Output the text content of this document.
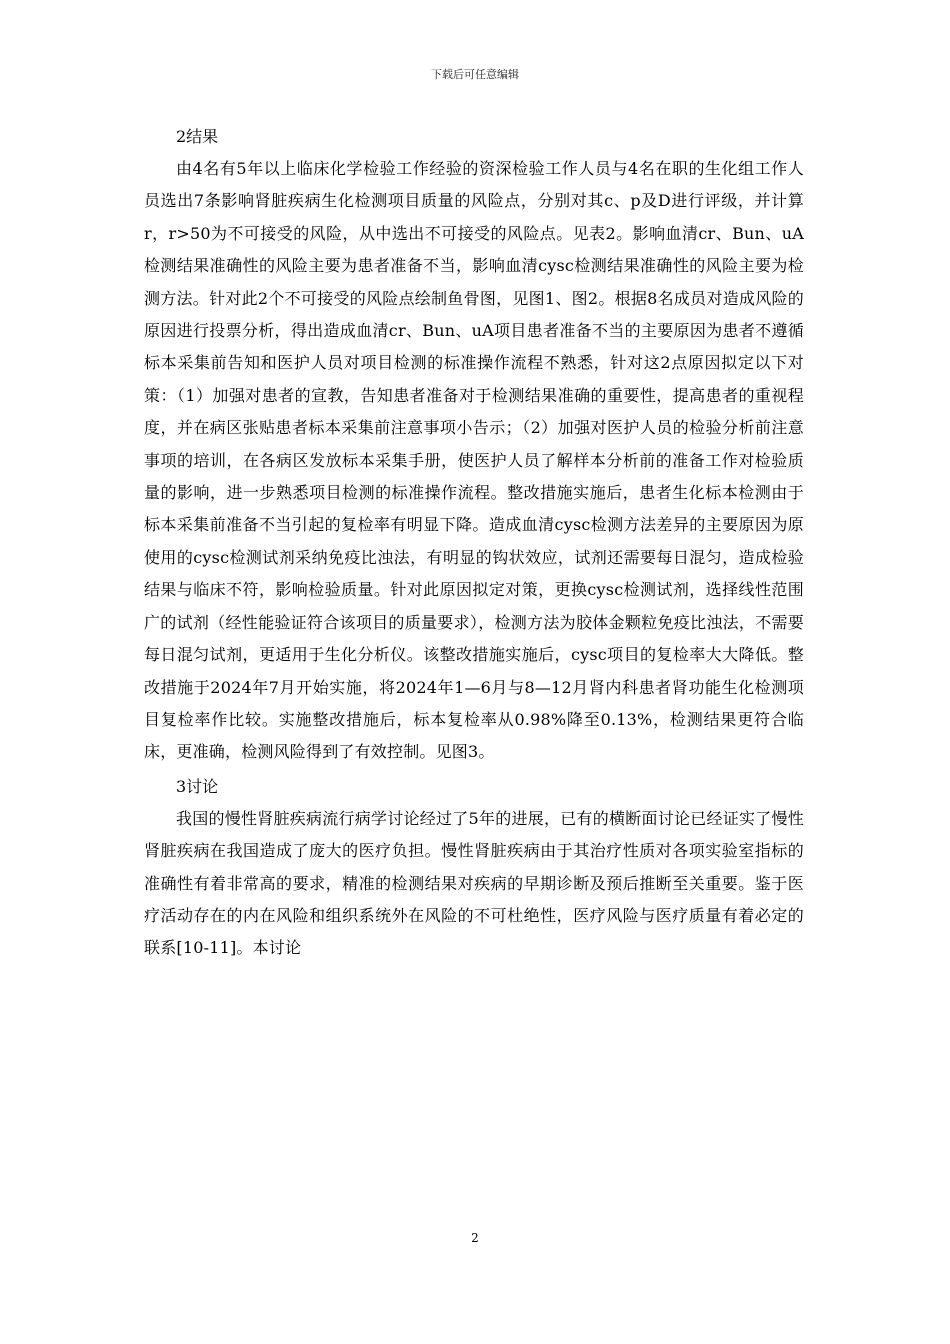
下载后可任意编辑

2结果

由4名有5年以上临床化学检验工作经验的资深检验工作人员与4名在职的生化组工作人员选出7条影响肾脏疾病生化检测项目质量的风险点，分别对其c、p及D进行评级，并计算r，r>50为不可接受的风险，从中选出不可接受的风险点。见表2。影响血清cr、Bun、uA检测结果准确性的风险主要为患者准备不当，影响血清cysc检测结果准确性的风险主要为检测方法。针对此2个不可接受的风险点绘制鱼骨图，见图1、图2。根据8名成员对造成风险的原因进行投票分析，得出造成血清cr、Bun、uA项目患者准备不当的主要原因为患者不遵循标本采集前告知和医护人员对项目检测的标准操作流程不熟悉，针对这2点原因拟定以下对策：（1）加强对患者的宣教，告知患者准备对于检测结果准确的重要性，提高患者的重视程度，并在病区张贴患者标本采集前注意事项小告示；（2）加强对医护人员的检验分析前注意事项的培训，在各病区发放标本采集手册，使医护人员了解样本分析前的准备工作对检验质量的影响，进一步熟悉项目检测的标准操作流程。整改措施实施后，患者生化标本检测由于标本采集前准备不当引起的复检率有明显下降。造成血清cysc检测方法差异的主要原因为原使用的cysc检测试剂采纳免疫比浊法，有明显的钩状效应，试剂还需要每日混匀，造成检验结果与临床不符，影响检验质量。针对此原因拟定对策，更换cysc检测试剂，选择线性范围广的试剂（经性能验证符合该项目的质量要求），检测方法为胶体金颗粒免疫比浊法，不需要每日混匀试剂，更适用于生化分析仪。该整改措施实施后，cysc项目的复检率大大降低。整改措施于2024年7月开始实施，将2024年1—6月与8—12月肾内科患者肾功能生化检测项目复检率作比较。实施整改措施后，标本复检率从0.98%降至0.13%，检测结果更符合临床，更准确，检测风险得到了有效控制。见图3。

3讨论

我国的慢性肾脏疾病流行病学讨论经过了5年的进展，已有的横断面讨论已经证实了慢性肾脏疾病在我国造成了庞大的医疗负担。慢性肾脏疾病由于其治疗性质对各项实验室指标的准确性有着非常高的要求，精准的检测结果对疾病的早期诊断及预后推断至关重要。鉴于医疗活动存在的内在风险和组织系统外在风险的不可杜绝性，医疗风险与医疗质量有着必定的联系[10-11]。本讨论

2
